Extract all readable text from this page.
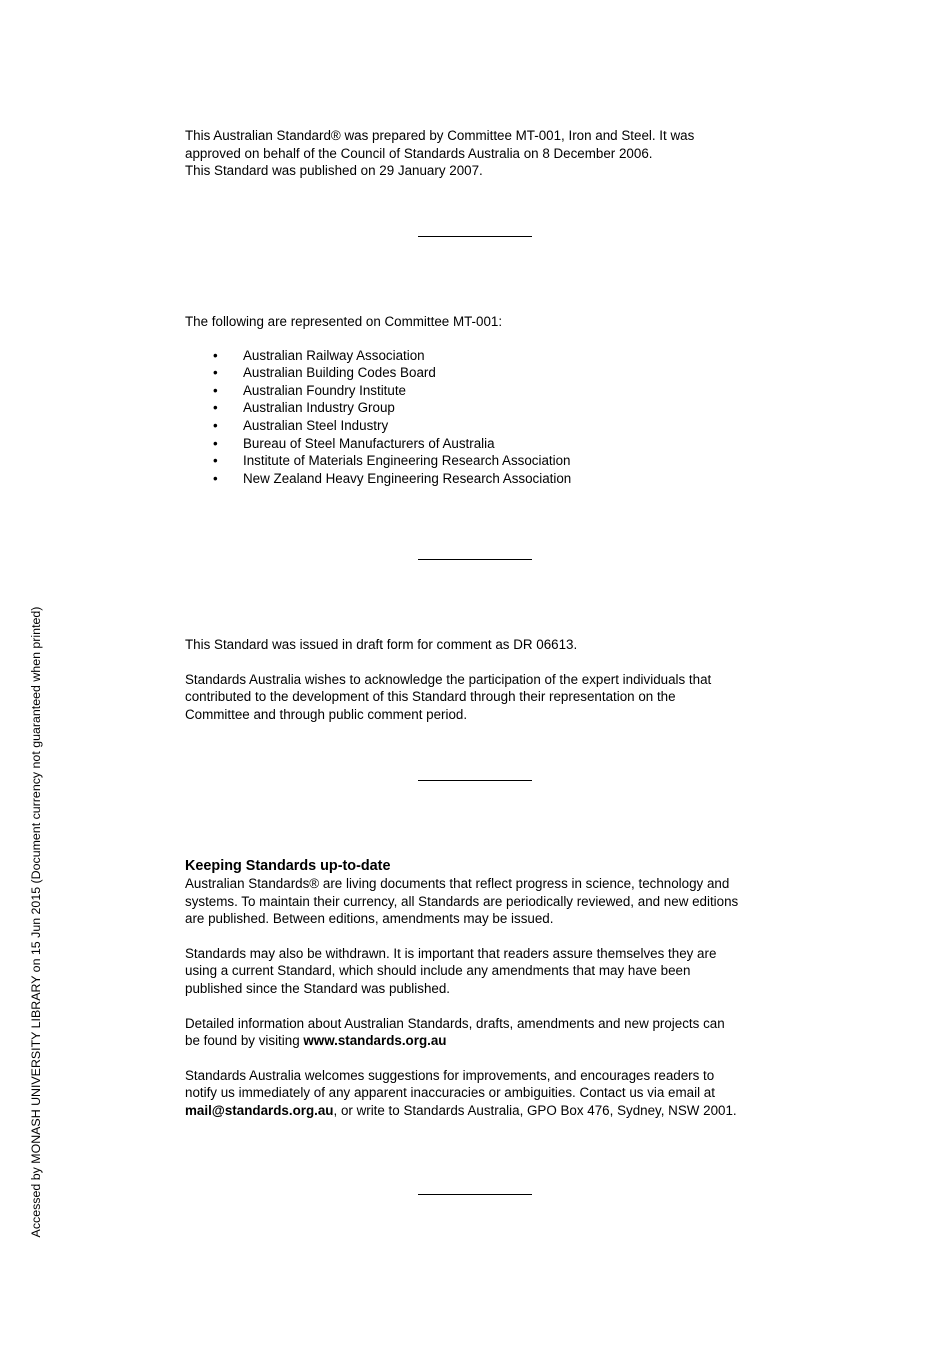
This Australian Standard® was prepared by Committee MT-001, Iron and Steel. It was
approved on behalf of the Council of Standards Australia on 8 December 2006.
This Standard was published on 29 January 2007.
The following are represented on Committee MT-001:
• Australian Railway Association
• Australian Building Codes Board
• Australian Foundry Institute
• Australian Industry Group
• Australian Steel Industry
• Bureau of Steel Manufacturers of Australia
• Institute of Materials Engineering Research Association
• New Zealand Heavy Engineering Research Association
This Standard was issued in draft form for comment as DR 06613.
Standards Australia wishes to acknowledge the participation of the expert individuals that
contributed to the development of this Standard through their representation on the
Committee and through public comment period.
Keeping Standards up-to-date
Australian Standards® are living documents that reflect progress in science, technology and
systems. To maintain their currency, all Standards are periodically reviewed, and new editions
are published. Between editions, amendments may be issued.
Standards may also be withdrawn. It is important that readers assure themselves they are
using a current Standard, which should include any amendments that may have been
published since the Standard was published.
Detailed information about Australian Standards, drafts, amendments and new projects can
be found by visiting www.standards.org.au
Standards Australia welcomes suggestions for improvements, and encourages readers to
notify us immediately of any apparent inaccuracies or ambiguities. Contact us via email at
mail@standards.org.au, or write to Standards Australia, GPO Box 476, Sydney, NSW 2001.
Accessed by MONASH UNIVERSITY LIBRARY on 15 Jun 2015 (Document currency not guaranteed when printed)
